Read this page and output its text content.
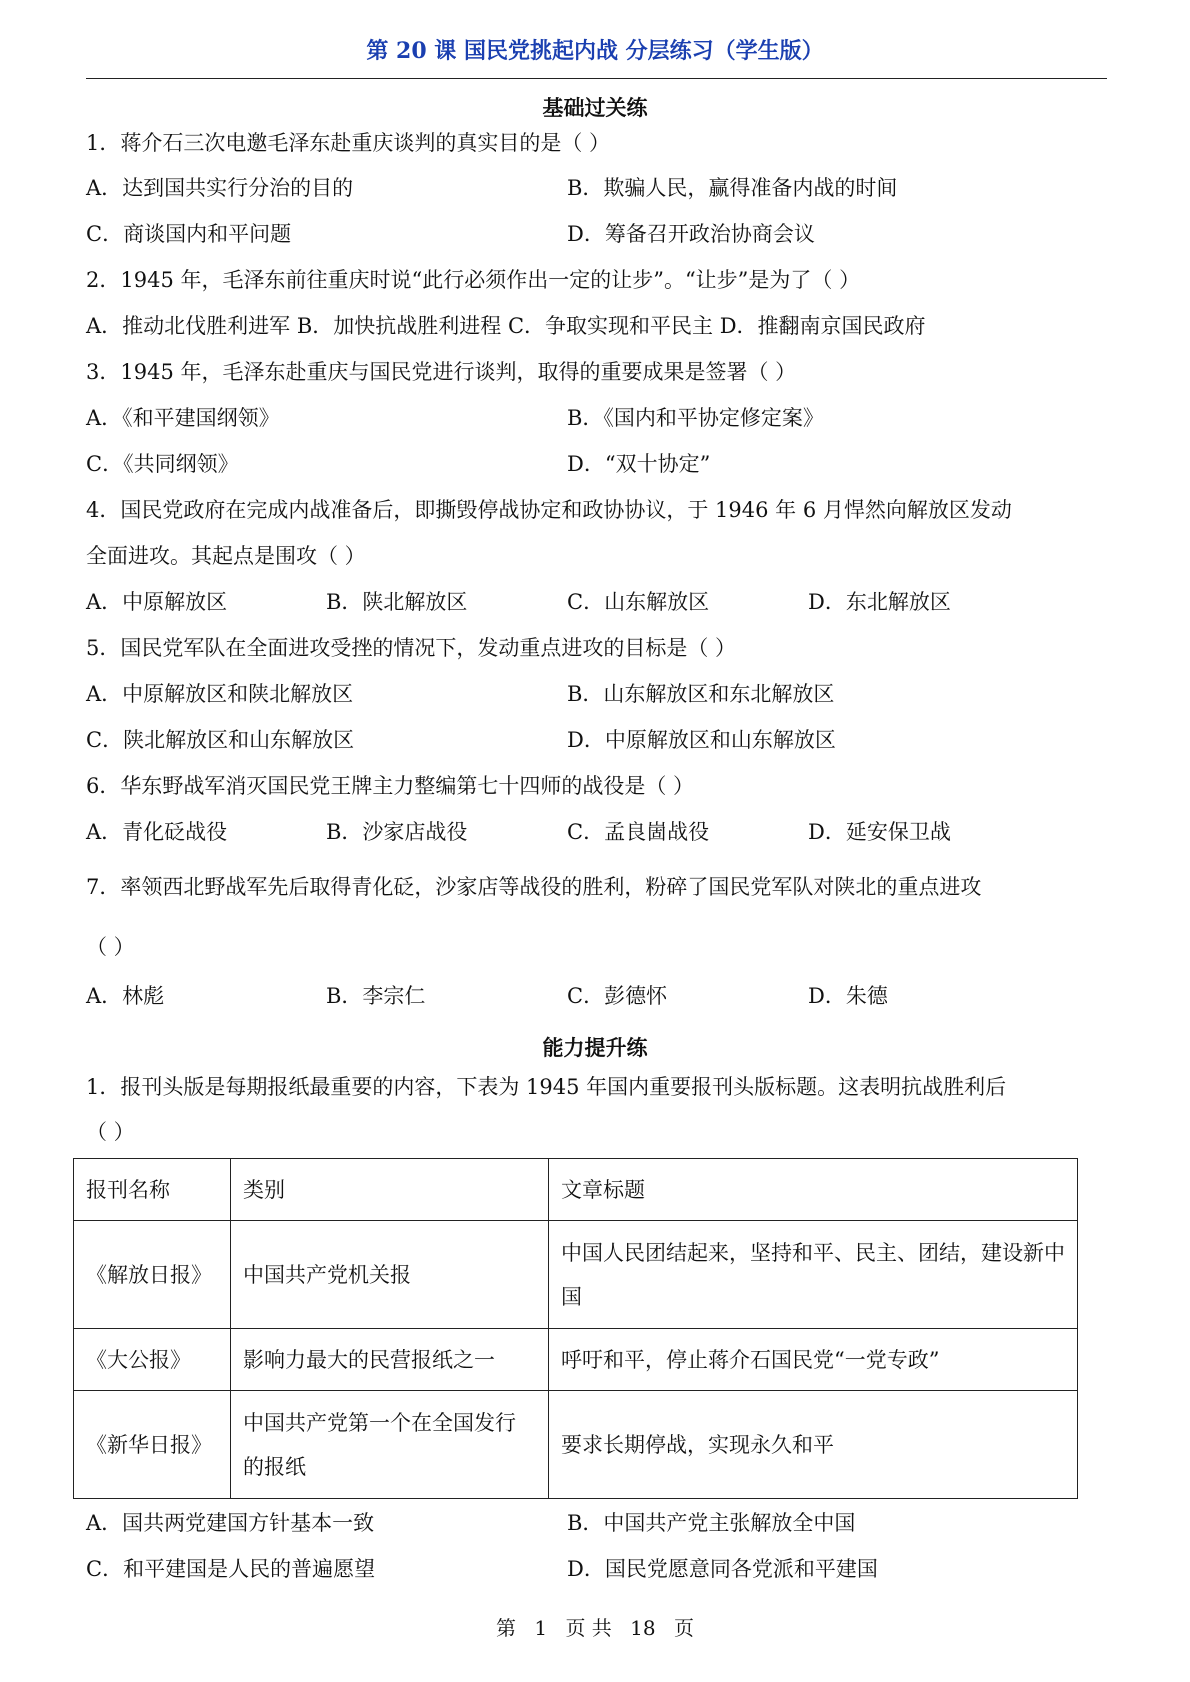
第 20 课 国民党挑起内战 分层练习（学生版）
基础过关练
1．蒋介石三次电邀毛泽东赴重庆谈判的真实目的是（ ）
A．达到国共实行分治的目的	B．欺骗人民，赢得准备内战的时间
C．商谈国内和平问题	D．筹备召开政治协商会议
2．1945 年，毛泽东前往重庆时说“此行必须作出一定的让步”。“让步”是为了（ ）
A．推动北伐胜利进军 B．加快抗战胜利进程 C．争取实现和平民主 D．推翻南京国民政府
3．1945 年，毛泽东赴重庆与国民党进行谈判，取得的重要成果是签署（ ）
A．《和平建国纲领》	B．《国内和平协定修定案》
C．《共同纲领》	D．“双十协定”
4．国民党政府在完成内战准备后，即撕毁停战协定和政协协议，于 1946 年 6 月悍然向解放区发动
全面进攻。其起点是围攻（ ）
A．中原解放区	B．陕北解放区	C．山东解放区	D．东北解放区
5．国民党军队在全面进攻受挫的情况下，发动重点进攻的目标是（ ）
A．中原解放区和陕北解放区	B．山东解放区和东北解放区
C．陕北解放区和山东解放区	D．中原解放区和山东解放区
6．华东野战军消灭国民党王牌主力整编第七十四师的战役是（ ）
A．青化砭战役	B．沙家店战役	C．孟良崮战役	D．延安保卫战
7．率领西北野战军先后取得青化砭，沙家店等战役的胜利，粉碎了国民党军队对陕北的重点进攻
（ ）
A．林彪	B．李宗仁	C．彭德怀	D．朱德
能力提升练
1．报刊头版是每期报纸最重要的内容，下表为 1945 年国内重要报刊头版标题。这表明抗战胜利后
（ ）
报刊名称	类别	文章标题
《解放日报》	中国共产党机关报	中国人民团结起来，坚持和平、民主、团结，建设新中国
《大公报》	影响力最大的民营报纸之一	呼吁和平，停止蒋介石国民党“一党专政”
《新华日报》	中国共产党第一个在全国发行的报纸	要求长期停战，实现永久和平
A．国共两党建国方针基本一致	B．中国共产党主张解放全中国
C．和平建国是人民的普遍愿望	D．国民党愿意同各党派和平建国
第 1 页 共 18 页
